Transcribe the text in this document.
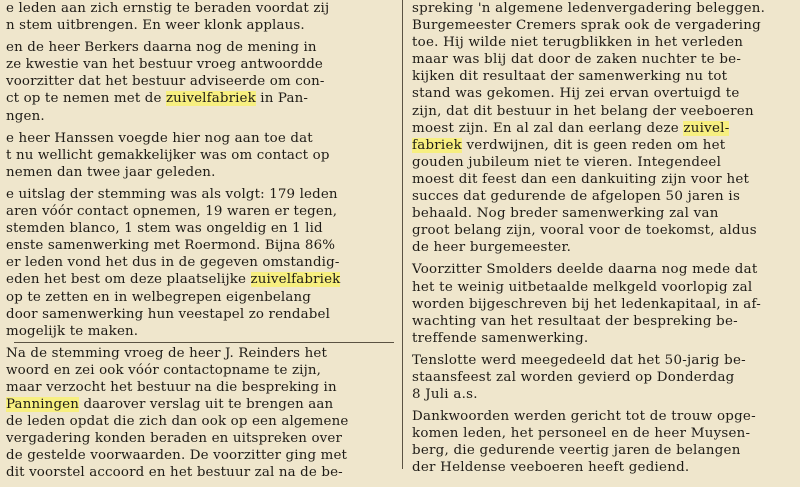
e leden aan zich ernstig te beraden voordat zij
n stem uitbrengen. En weer klonk applaus.
en de heer Berkers daarna nog de mening in
ze kwestie van het bestuur vroeg antwoordde
voorzitter dat het bestuur adviseerde om con-
ct op te nemen met de zuivelfabriek in Pan-
ngen.
e heer Hanssen voegde hier nog aan toe dat
t nu wellicht gemakkelijker was om contact op
nemen dan twee jaar geleden.
e uitslag der stemming was als volgt: 179 leden
aren vóór contact opnemen, 19 waren er tegen,
stemden blanco, 1 stem was ongeldig en 1 lid
enste samenwerking met Roermond. Bijna 86%
er leden vond het dus in de gegeven omstandig-
eden het best om deze plaatselijke zuivelfabriek
op te zetten en in welbegrepen eigenbelang
door samenwerking hun veestapel zo rendabel
mogelijk te maken.
Na de stemming vroeg de heer J. Reinders het
woord en zei ook vóór contactopname te zijn,
maar verzocht het bestuur na die bespreking in
Panningen daarover verslag uit te brengen aan
de leden opdat die zich dan ook op een algemene
vergadering konden beraden en uitspreken over
de gestelde voorwaarden. De voorzitter ging met
dit voorstel accoord en het bestuur zal na de be-
spreking 'n algemene ledenvergadering beleggen.
Burgemeester Cremers sprak ook de vergadering
toe. Hij wilde niet terugblikken in het verleden
maar was blij dat door de zaken nuchter te be-
kijken dit resultaat der samenwerking nu tot
stand was gekomen. Hij zei ervan overtuigd te
zijn, dat dit bestuur in het belang der veeboeren
moest zijn. En al zal dan eerlang deze zuivel-
fabriek verdwijnen, dit is geen reden om het
gouden jubileum niet te vieren. Integendeel
moest dit feest dan een dankuiting zijn voor het
succes dat gedurende de afgelopen 50 jaren is
behaald. Nog breder samenwerking zal van
groot belang zijn, vooral voor de toekomst, aldus
de heer burgemeester.
Voorzitter Smolders deelde daarna nog mede dat
het te weinig uitbetaalde melkgeld voorlopig zal
worden bijgeschreven bij het ledenkapitaal, in af-
wachting van het resultaat der bespreking be-
treffende samenwerking.
Tenslotte werd meegedeeld dat het 50-jarig be-
staansfeest zal worden gevierd op Donderdag
8 Juli a.s.
Dankwoorden werden gericht tot de trouw opge-
komen leden, het personeel en de heer Muysen-
berg, die gedurende veertig jaren de belangen
der Heldense veeboeren heeft gediend.
